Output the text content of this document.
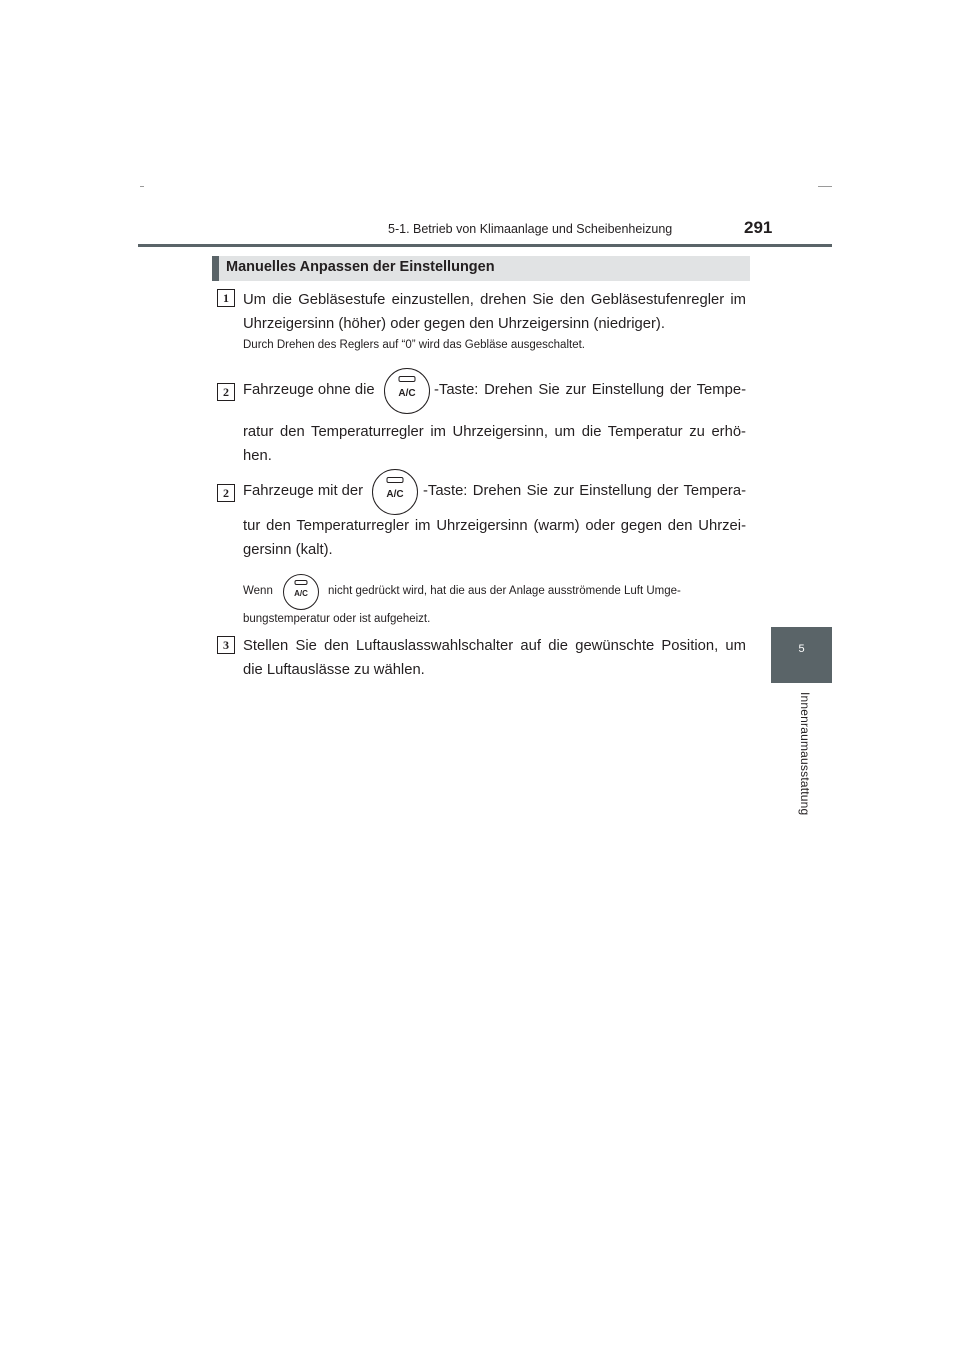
5-1. Betrieb von Klimaanlage und Scheibenheizung	291
5
Innenraumausstattung
Manuelles Anpassen der Einstellungen
1 Um die Gebläsestufe einzustellen, drehen Sie den Gebläsestufenregler im
Uhrzeigersinn (höher) oder gegen den Uhrzeigersinn (niedriger).
Durch Drehen des Reglers auf “0” wird das Gebläse ausgeschaltet.
2 Fahrzeuge ohne die	A/C	-Taste: Drehen Sie zur Einstellung der Tempe-
ratur den Temperaturregler im Uhrzeigersinn, um die Temperatur zu erhö-
hen.
2 Fahrzeuge mit der	A/C	-Taste: Drehen Sie zur Einstellung der Tempera-
tur den Temperaturregler im Uhrzeigersinn (warm) oder gegen den Uhrzei-
gersinn (kalt).
Wenn	A/C	nicht gedrückt wird, hat die aus der Anlage ausströmende Luft Umge-
bungstemperatur oder ist aufgeheizt.
3 Stellen Sie den Luftauslasswahlschalter auf die gewünschte Position, um
die Luftauslässe zu wählen.
